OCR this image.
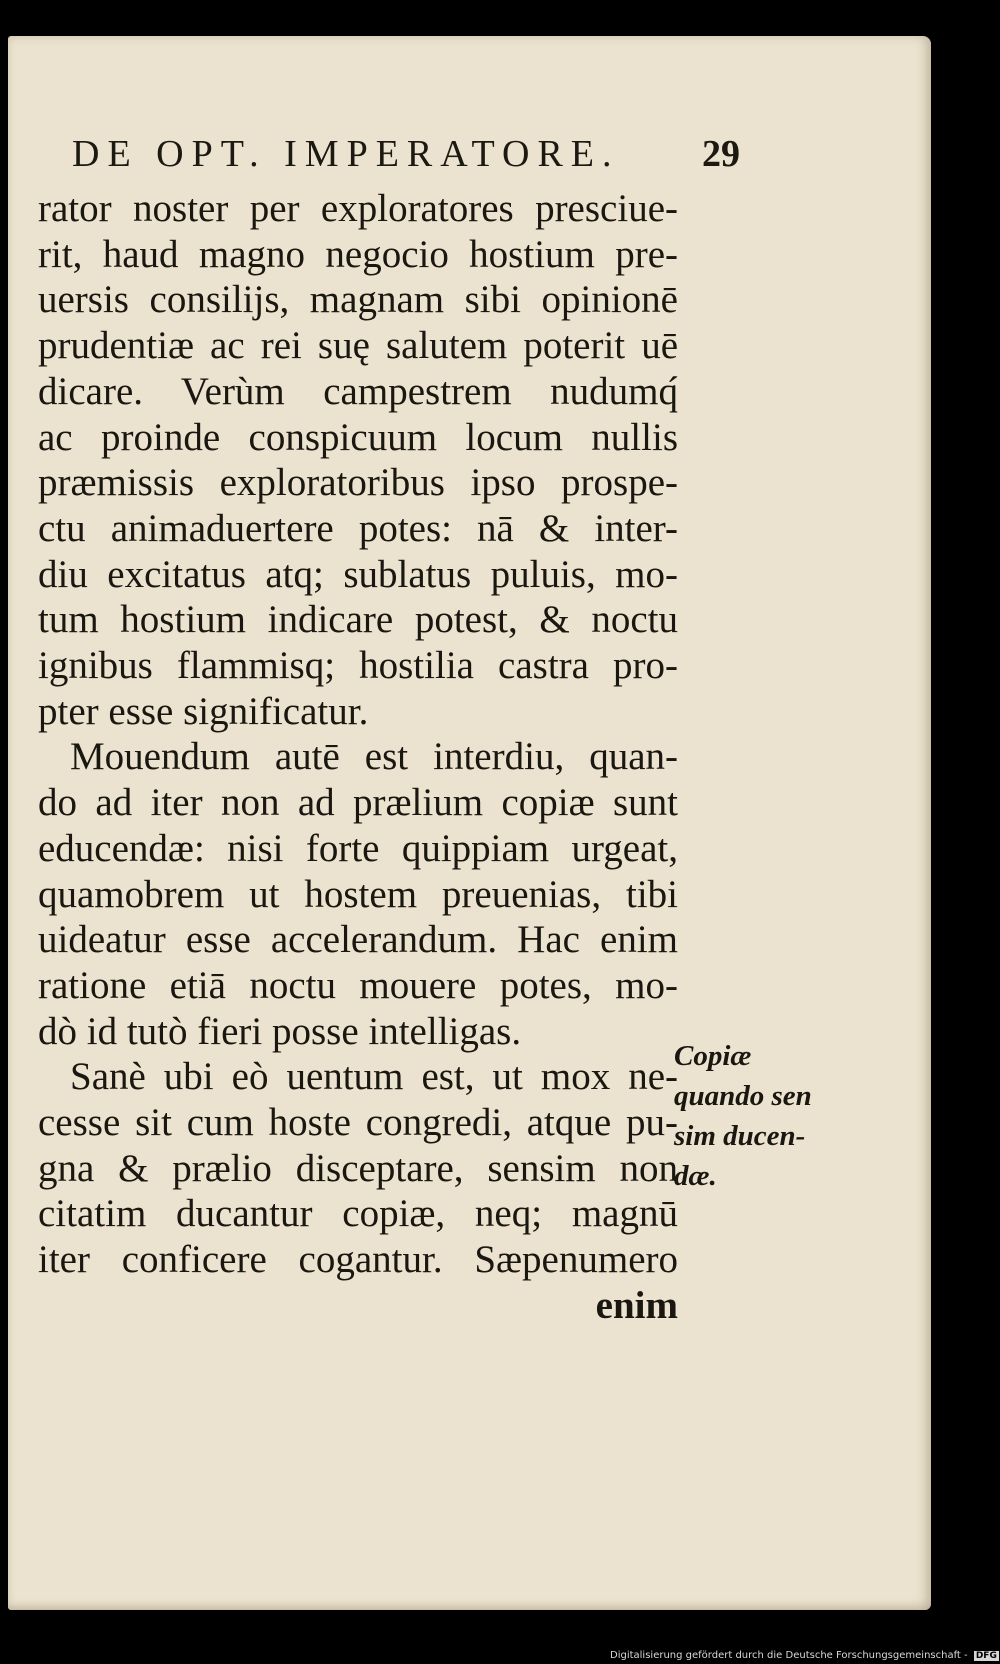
DE OPT. IMPERATORE. 29
rator noster per exploratores presciue-
rit, haud magno negocio hostium pre-
uersis consilijs, magnam sibi opinionē
prudentiæ ac rei suę salutem poterit uē
dicare. Verùm campestrem nudumq́
ac proinde conspicuum locum nullis
præmissis exploratoribus ipso prospe-
ctu animaduertere potes: nā & inter-
diu excitatus atq; sublatus puluis, mo-
tum hostium indicare potest, & noctu
ignibus flammisq; hostilia castra pro-
pter esse significatur.
Mouendum autē est interdiu, quan-
do ad iter non ad prælium copiæ sunt
educendæ: nisi forte quippiam urgeat,
quamobrem ut hostem preuenias, tibi
uideatur esse accelerandum. Hac enim
ratione etiā noctu mouere potes, mo-
dò id tutò fieri posse intelligas.
Sanè ubi eò uentum est, ut mox ne-
cesse sit cum hoste congredi, atque pu-
gna & prælio disceptare, sensim non
citatim ducantur copiæ, neq; magnū
iter conficere cogantur. Sæpenumero
enim
Copiæ
quando sen
sim ducen-
dæ.
Digitalisierung gefördert durch die Deutsche Forschungsgemeinschaft - DFG
